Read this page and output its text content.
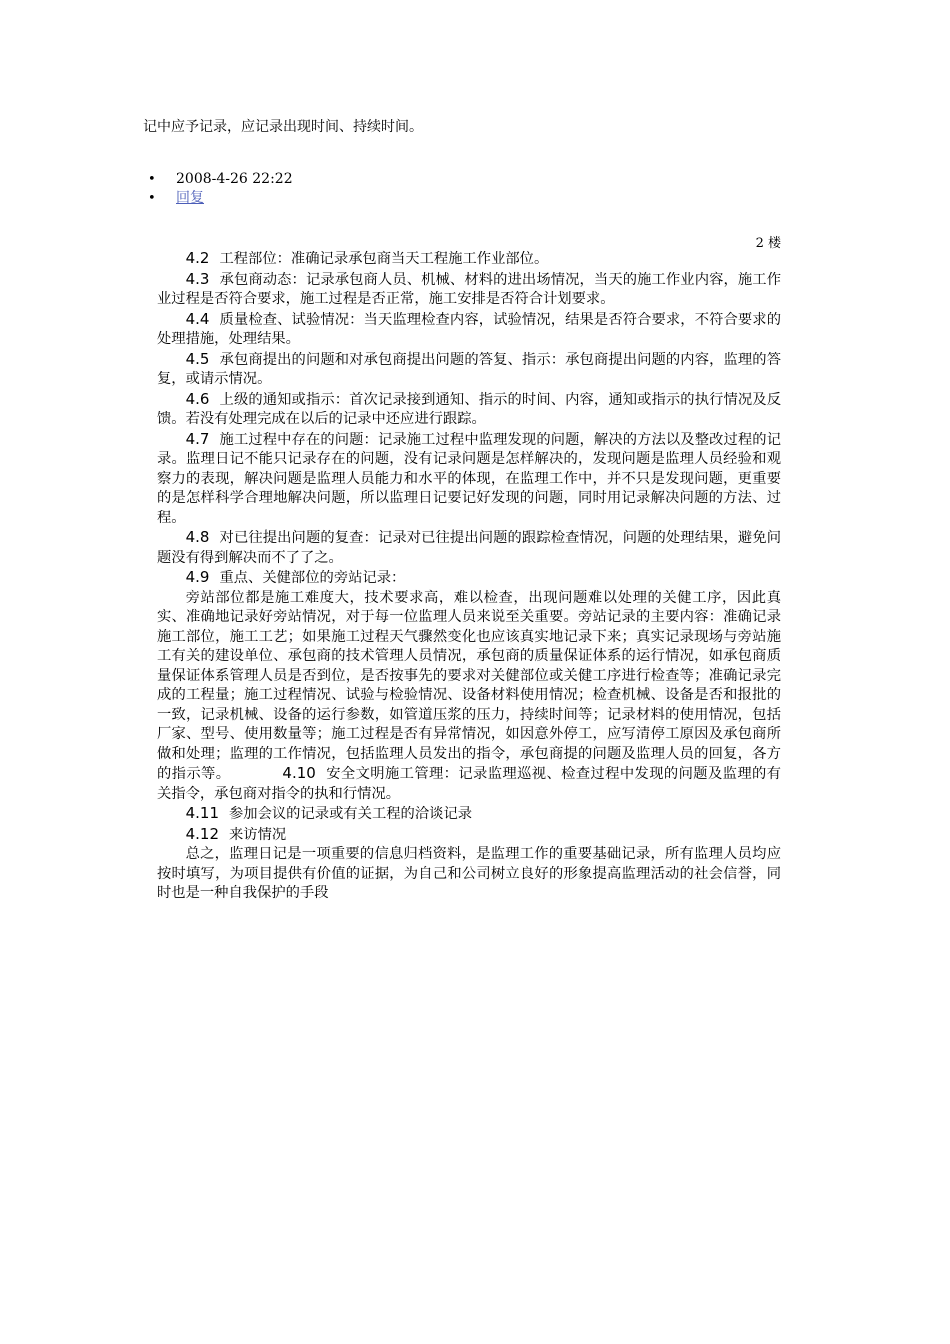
记中应予记录，应记录出现时间、持续时间。
• 2008-4-26 22:22
• 回复
2 楼

4.2 工程部位：准确记录承包商当天工程施工作业部位。

4.3 承包商动态：记录承包商人员、机械、材料的进出场情况，当天的施工作业内容，施工作业过程是否符合要求，施工过程是否正常，施工安排是否符合计划要求。

4.4 质量检查、试验情况：当天监理检查内容，试验情况，结果是否符合要求，不符合要求的处理措施，处理结果。

4.5 承包商提出的问题和对承包商提出问题的答复、指示：承包商提出问题的内容，监理的答复，或请示情况。

4.6 上级的通知或指示：首次记录接到通知、指示的时间、内容，通知或指示的执行情况及反馈。若没有处理完成在以后的记录中还应进行跟踪。

4.7 施工过程中存在的问题：记录施工过程中监理发现的问题，解决的方法以及整改过程的记录。监理日记不能只记录存在的问题，没有记录问题是怎样解决的，发现问题是监理人员经验和观察力的表现，解决问题是监理人员能力和水平的体现，在监理工作中，并不只是发现问题，更重要的是怎样科学合理地解决问题，所以监理日记要记好发现的问题，同时用记录解决问题的方法、过程。

4.8 对已往提出问题的复查：记录对已往提出问题的跟踪检查情况，问题的处理结果，避免问题没有得到解决而不了了之。

4.9 重点、关健部位的旁站记录：

旁站部位都是施工难度大，技术要求高，难以检查，出现问题难以处理的关健工序，因此真实、准确地记录好旁站情况，对于每一位监理人员来说至关重要。旁站记录的主要内容：准确记录施工部位，施工工艺；如果施工过程天气骤然变化也应该真实地记录下来；真实记录现场与旁站施工有关的建设单位、承包商的技术管理人员情况，承包商的质量保证体系的运行情况，如承包商质量保证体系管理人员是否到位，是否按事先的要求对关健部位或关健工序进行检查等；准确记录完成的工程量；施工过程情况、试验与检验情况、设备材料使用情况；检查机械、设备是否和报批的一致，记录机械、设备的运行参数，如管道压浆的压力，持续时间等；记录材料的使用情况，包括厂家、型号、使用数量等；施工过程是否有异常情况，如因意外停工，应写清停工原因及承包商所做和处理；监理的工作情况，包括监理人员发出的指令，承包商提的问题及监理人员的回复，各方的指示等。	4.10 安全文明施工管理：记录监理巡视、检查过程中发现的问题及监理的有关指令，承包商对指令的执和行情况。

4.11 参加会议的记录或有关工程的洽谈记录

4.12 来访情况

总之，监理日记是一项重要的信息归档资料，是监理工作的重要基础记录，所有监理人员均应按时填写，为项目提供有价值的证据，为自己和公司树立良好的形象提高监理活动的社会信誉，同时也是一种自我保护的手段
